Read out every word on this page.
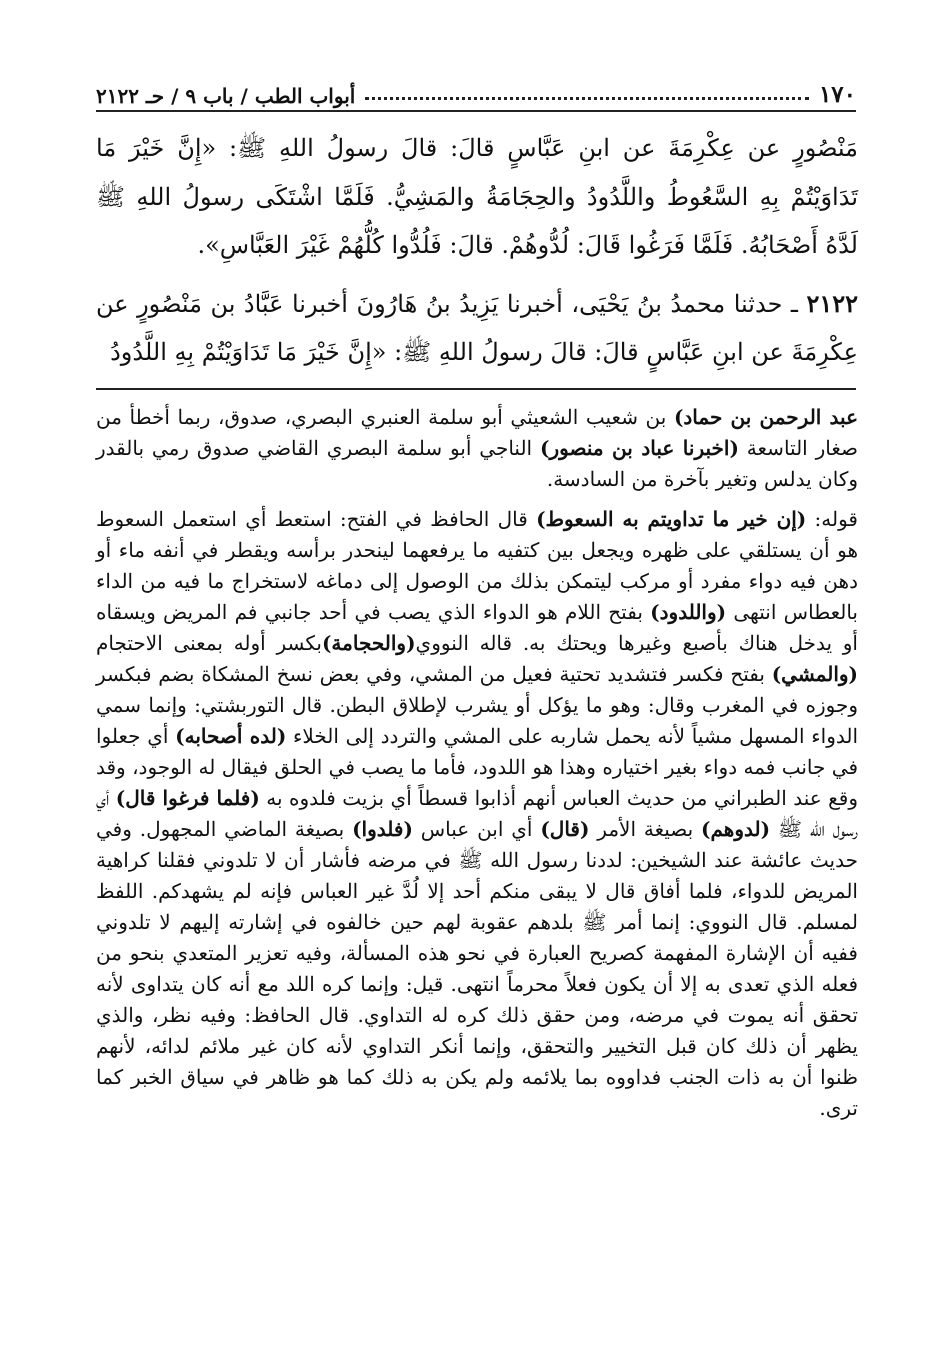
١٧٠
أبواب الطب / باب ٩ / حـ ٢١٢٢

مَنْصُورٍ عن عِكْرِمَةَ عن ابنِ عَبَّاسٍ قالَ: قالَ رسولُ اللهِ ﷺ: «إِنَّ خَيْرَ مَا تَدَاوَيْتُمْ بِهِ السَّعُوطُ واللَّدُودُ والحِجَامَةُ والمَشِيُّ. فَلَمَّا اشْتَكَى رسولُ اللهِ ﷺ لَدَّهُ أَصْحَابُهُ. فَلَمَّا فَرَغُوا قَالَ: لُدُّوهُمْ. قالَ: فَلُدُّوا كُلُّهُمْ غَيْرَ العَبَّاسِ».

٢١٢٢ ـ حدثنا محمدُ بنُ يَحْيَى، أخبرنا يَزِيدُ بنُ هَارُونَ أخبرنا عَبَّادُ بن مَنْصُورٍ عن عِكْرِمَةَ عن ابنِ عَبَّاسٍ قالَ: قالَ رسولُ اللهِ ﷺ: «إِنَّ خَيْرَ مَا تَدَاوَيْتُمْ بِهِ اللَّدُودُ

عبد الرحمن بن حماد) بن شعيب الشعيثي أبو سلمة العنبري البصري، صدوق، ربما أخطأ من صغار التاسعة (اخبرنا عباد بن منصور) الناجي أبو سلمة البصري القاضي صدوق رمي بالقدر وكان يدلس وتغير بآخرة من السادسة.

قوله: (إن خير ما تداويتم به السعوط) قال الحافظ في الفتح: استعط أي استعمل السعوط هو أن يستلقي على ظهره ويجعل بين كتفيه ما يرفعهما لينحدر برأسه ويقطر في أنفه ماء أو دهن فيه دواء مفرد أو مركب ليتمكن بذلك من الوصول إلى دماغه لاستخراج ما فيه من الداء بالعطاس انتهى (واللدود) بفتح اللام هو الدواء الذي يصب في أحد جانبي فم المريض ويسقاه أو يدخل هناك بأصبع وغيرها ويحتك به. قاله النووي(والحجامة)بكسر أوله بمعنى الاحتجام (والمشي) بفتح فكسر فتشديد تحتية فعيل من المشي، وفي بعض نسخ المشكاة بضم فبكسر وجوزه في المغرب وقال: وهو ما يؤكل أو يشرب لإطلاق البطن. قال التوربشتي: وإنما سمي الدواء المسهل مشياً لأنه يحمل شاربه على المشي والتردد إلى الخلاء (لده أصحابه) أي جعلوا في جانب فمه دواء بغير اختياره وهذا هو اللدود، فأما ما يصب في الحلق فيقال له الوجود، وقد وقع عند الطبراني من حديث العباس أنهم أذابوا قسطاً أي بزيت فلدوه به (فلما فرغوا قال) أي رسول الله ﷺ (لدوهم) بصيغة الأمر (قال) أي ابن عباس (فلدوا) بصيغة الماضي المجهول. وفي حديث عائشة عند الشيخين: لددنا رسول الله ﷺ في مرضه فأشار أن لا تلدوني فقلنا كراهية المريض للدواء، فلما أفاق قال لا يبقى منكم أحد إلا لُدَّ غير العباس فإنه لم يشهدكم. اللفظ لمسلم. قال النووي: إنما أمر ﷺ بلدهم عقوبة لهم حين خالفوه في إشارته إليهم لا تلدوني ففيه أن الإشارة المفهمة كصريح العبارة في نحو هذه المسألة، وفيه تعزير المتعدي بنحو من فعله الذي تعدى به إلا أن يكون فعلاً محرماً انتهى. قيل: وإنما كره اللد مع أنه كان يتداوى لأنه تحقق أنه يموت في مرضه، ومن حقق ذلك كره له التداوي. قال الحافظ: وفيه نظر، والذي يظهر أن ذلك كان قبل التخيير والتحقق، وإنما أنكر التداوي لأنه كان غير ملائم لدائه، لأنهم ظنوا أن به ذات الجنب فداووه بما يلائمه ولم يكن به ذلك كما هو ظاهر في سياق الخبر كما ترى.
